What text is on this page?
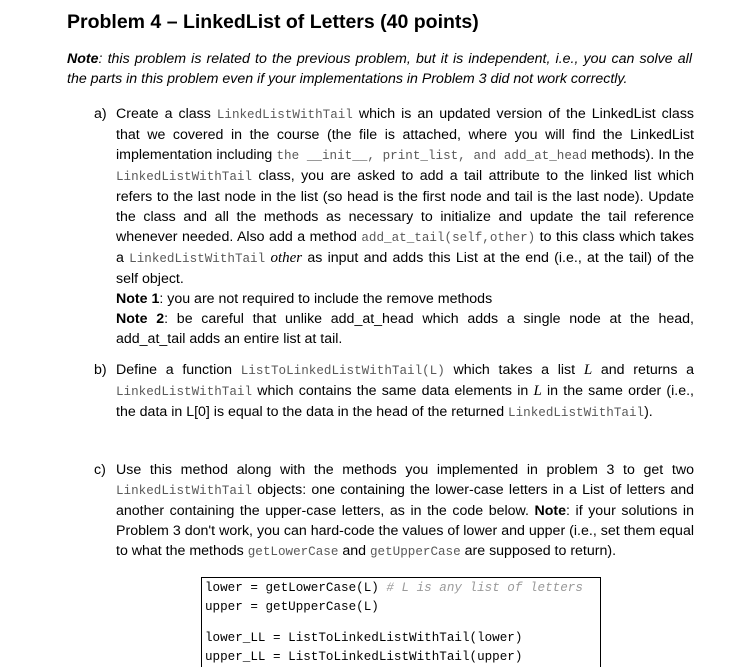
Problem 4 – LinkedList of Letters (40 points)
Note: this problem is related to the previous problem, but it is independent, i.e., you can solve all the parts in this problem even if your implementations in Problem 3 did not work correctly.
a) Create a class LinkedListWithTail which is an updated version of the LinkedList class that we covered in the course (the file is attached, where you will find the LinkedList implementation including the __init__, print_list, and add_at_head methods). In the LinkedListWithTail class, you are asked to add a tail attribute to the linked list which refers to the last node in the list (so head is the first node and tail is the last node). Update the class and all the methods as necessary to initialize and update the tail reference whenever needed. Also add a method add_at_tail(self,other) to this class which takes a LinkedListWithTail other as input and adds this List at the end (i.e., at the tail) of the self object.

Note 1: you are not required to include the remove methods

Note 2: be careful that unlike add_at_head which adds a single node at the head, add_at_tail adds an entire list at tail.

b) Define a function ListToLinkedListWithTail(L) which takes a list L and returns a LinkedListWithTail which contains the same data elements in L in the same order (i.e., the data in L[0] is equal to the data in the head of the returned LinkedListWithTail).

c) Use this method along with the methods you implemented in problem 3 to get two LinkedListWithTail objects: one containing the lower-case letters in a List of letters and another containing the upper-case letters, as in the code below. Note: if your solutions in Problem 3 don't work, you can hard-code the values of lower and upper (i.e., set them equal to what the methods getLowerCase and getUpperCase are supposed to return).

lower = getLowerCase(L) # L is any list of letters
upper = getUpperCase(L)
lower_LL = ListToLinkedListWithTail(lower)
upper_LL = ListToLinkedListWithTail(upper)
